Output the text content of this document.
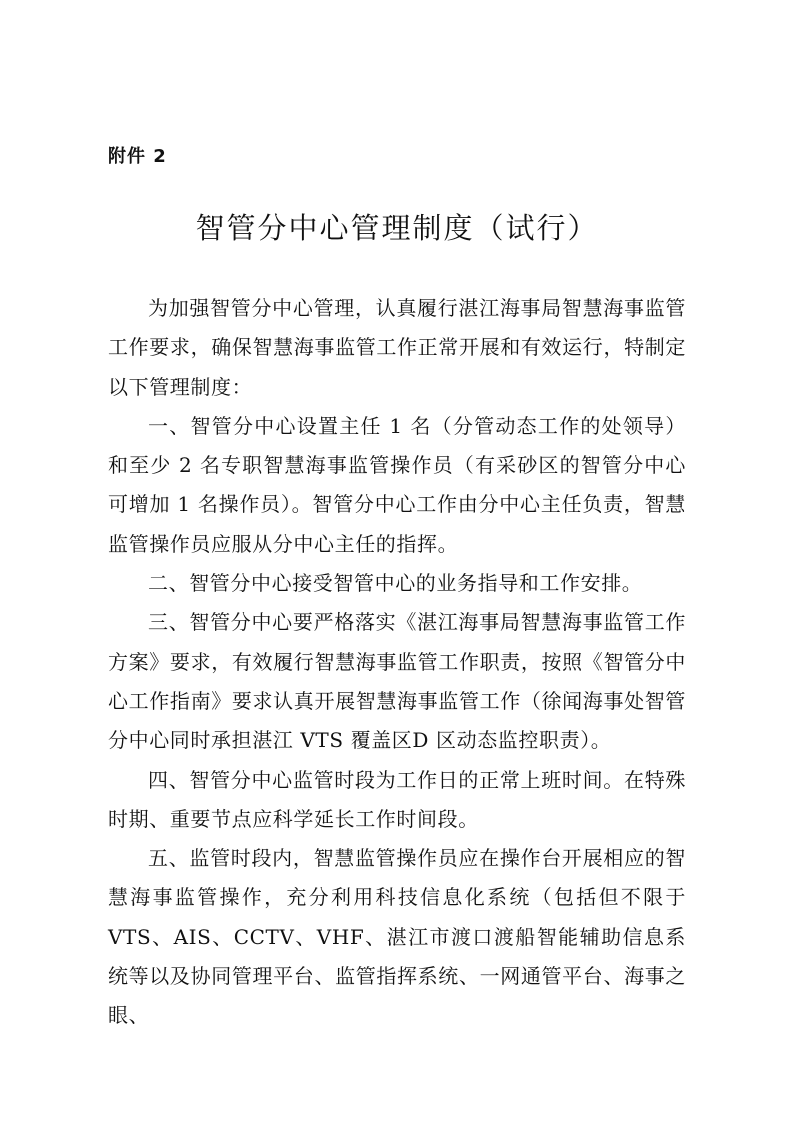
附件 2
智管分中心管理制度（试行）

为加强智管分中心管理，认真履行湛江海事局智慧海事监管工作要求，确保智慧海事监管工作正常开展和有效运行，特制定以下管理制度：

一、智管分中心设置主任 1 名（分管动态工作的处领导）和至少 2 名专职智慧海事监管操作员（有采砂区的智管分中心可增加 1 名操作员）。智管分中心工作由分中心主任负责，智慧监管操作员应服从分中心主任的指挥。

二、智管分中心接受智管中心的业务指导和工作安排。

三、智管分中心要严格落实《湛江海事局智慧海事监管工作方案》要求，有效履行智慧海事监管工作职责，按照《智管分中心工作指南》要求认真开展智慧海事监管工作（徐闻海事处智管分中心同时承担湛江 VTS 覆盖区D 区动态监控职责）。

四、智管分中心监管时段为工作日的正常上班时间。在特殊时期、重要节点应科学延长工作时间段。

五、监管时段内，智慧监管操作员应在操作台开展相应的智慧海事监管操作，充分利用科技信息化系统（包括但不限于VTS、AIS、CCTV、VHF、湛江市渡口渡船智能辅助信息系统等以及协同管理平台、监管指挥系统、一网通管平台、海事之眼、
